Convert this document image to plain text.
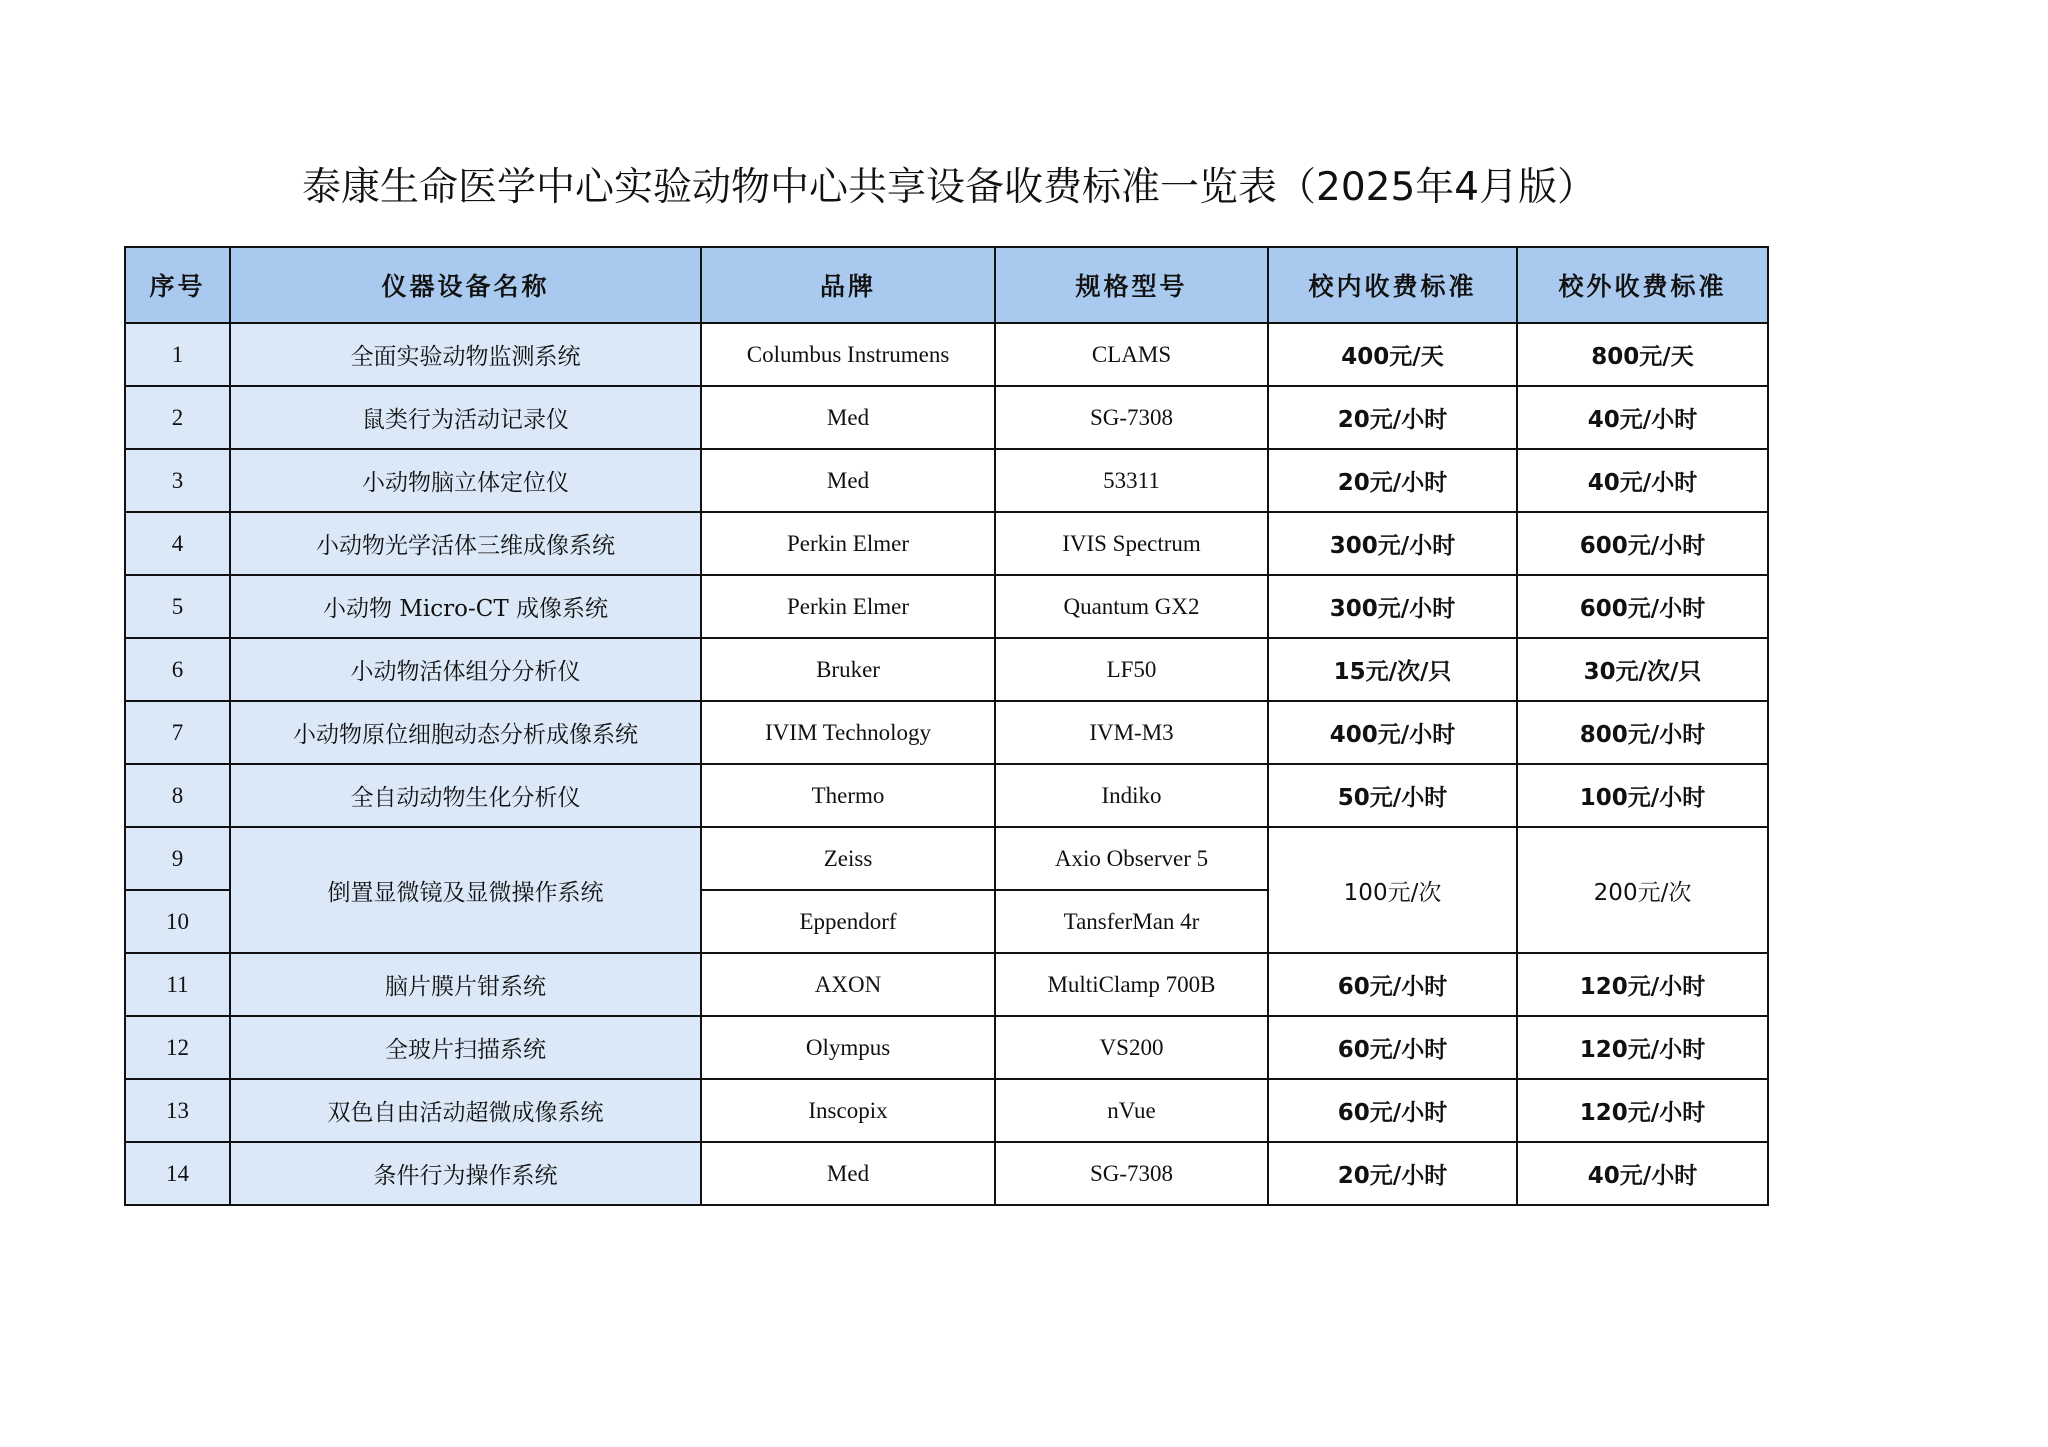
泰康生命医学中心实验动物中心共享设备收费标准一览表（2025年4月版）
序号	仪器设备名称	品牌	规格型号	校内收费标准	校外收费标准
1	全面实验动物监测系统	Columbus Instrumens	CLAMS	400元/天	800元/天
2	鼠类行为活动记录仪	Med	SG-7308	20元/小时	40元/小时
3	小动物脑立体定位仪	Med	53311	20元/小时	40元/小时
4	小动物光学活体三维成像系统	Perkin Elmer	IVIS Spectrum	300元/小时	600元/小时
5	小动物 Micro-CT 成像系统	Perkin Elmer	Quantum GX2	300元/小时	600元/小时
6	小动物活体组分分析仪	Bruker	LF50	15元/次/只	30元/次/只
7	小动物原位细胞动态分析成像系统	IVIM Technology	IVM-M3	400元/小时	800元/小时
8	全自动动物生化分析仪	Thermo	Indiko	50元/小时	100元/小时
9	倒置显微镜及显微操作系统	Zeiss	Axio Observer 5	100元/次	200元/次
10		Eppendorf	TansferMan 4r		
11	脑片膜片钳系统	AXON	MultiClamp 700B	60元/小时	120元/小时
12	全玻片扫描系统	Olympus	VS200	60元/小时	120元/小时
13	双色自由活动超微成像系统	Inscopix	nVue	60元/小时	120元/小时
14	条件行为操作系统	Med	SG-7308	20元/小时	40元/小时
